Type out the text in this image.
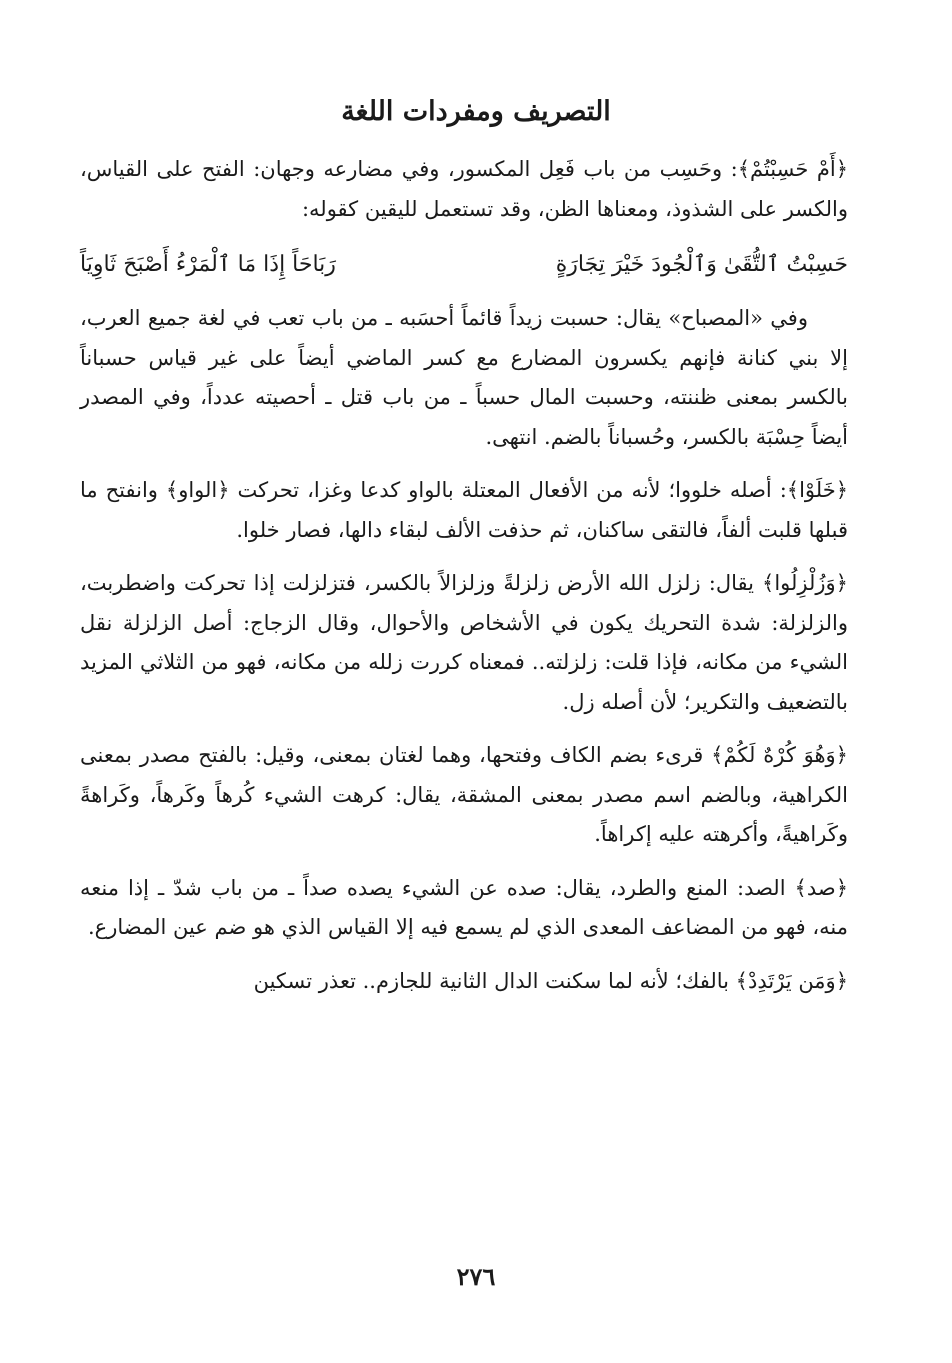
التصريف ومفردات اللغة

﴿أَمْ حَسِبْتُمْ﴾: وحَسِب من باب فَعِل المكسور، وفي مضارعه وجهان: الفتح على القياس، والكسر على الشذوذ، ومعناها الظن، وقد تستعمل لليقين كقوله:

حَسِبْتُ ٱلتُّقَىٰ وَٱلْجُودَ خَيْرَ تِجَارَةٍ
رَبَاحَاً إِذَا مَا ٱلْمَرْءُ أَصْبَحَ ثَاوِيَاً

وفي «المصباح» يقال: حسبت زيداً قائماً أحسَبه ـ من باب تعب في لغة جميع العرب، إلا بني كنانة فإنهم يكسرون المضارع مع كسر الماضي أيضاً على غير قياس حسباناً بالكسر بمعنى ظننته، وحسبت المال حسباً ـ من باب قتل ـ أحصيته عدداً، وفي المصدر أيضاً حِسْبَة بالكسر، وحُسباناً بالضم. انتهى.

﴿خَلَوْا﴾: أصله خلووا؛ لأنه من الأفعال المعتلة بالواو كدعا وغزا، تحركت ﴿الواو﴾ وانفتح ما قبلها قلبت ألفاً، فالتقى ساكنان، ثم حذفت الألف لبقاء دالها، فصار خلوا.

﴿وَزُلْزِلُوا﴾ يقال: زلزل الله الأرض زلزلةً وزلزالاً بالكسر، فتزلزلت إذا تحركت واضطربت، والزلزلة: شدة التحريك يكون في الأشخاص والأحوال، وقال الزجاج: أصل الزلزلة نقل الشيء من مكانه، فإذا قلت: زلزلته.. فمعناه كررت زلله من مكانه، فهو من الثلاثي المزيد بالتضعيف والتكرير؛ لأن أصله زل.

﴿وَهُوَ كُرْهٌ لَكُمْ﴾ قرىء بضم الكاف وفتحها، وهما لغتان بمعنى، وقيل: بالفتح مصدر بمعنى الكراهية، وبالضم اسم مصدر بمعنى المشقة، يقال: كرهت الشيء كُرهاً وكَرهاً، وكَراهةً وكَراهيةً، وأكرهته عليه إكراهاً.

﴿صد﴾ الصد: المنع والطرد، يقال: صده عن الشيء يصده صداً ـ من باب شدّ ـ إذا منعه منه، فهو من المضاعف المعدى الذي لم يسمع فيه إلا القياس الذي هو ضم عين المضارع.

﴿وَمَن يَرْتَدِدْ﴾ بالفك؛ لأنه لما سكنت الدال الثانية للجازم.. تعذر تسكين

٢٧٦
